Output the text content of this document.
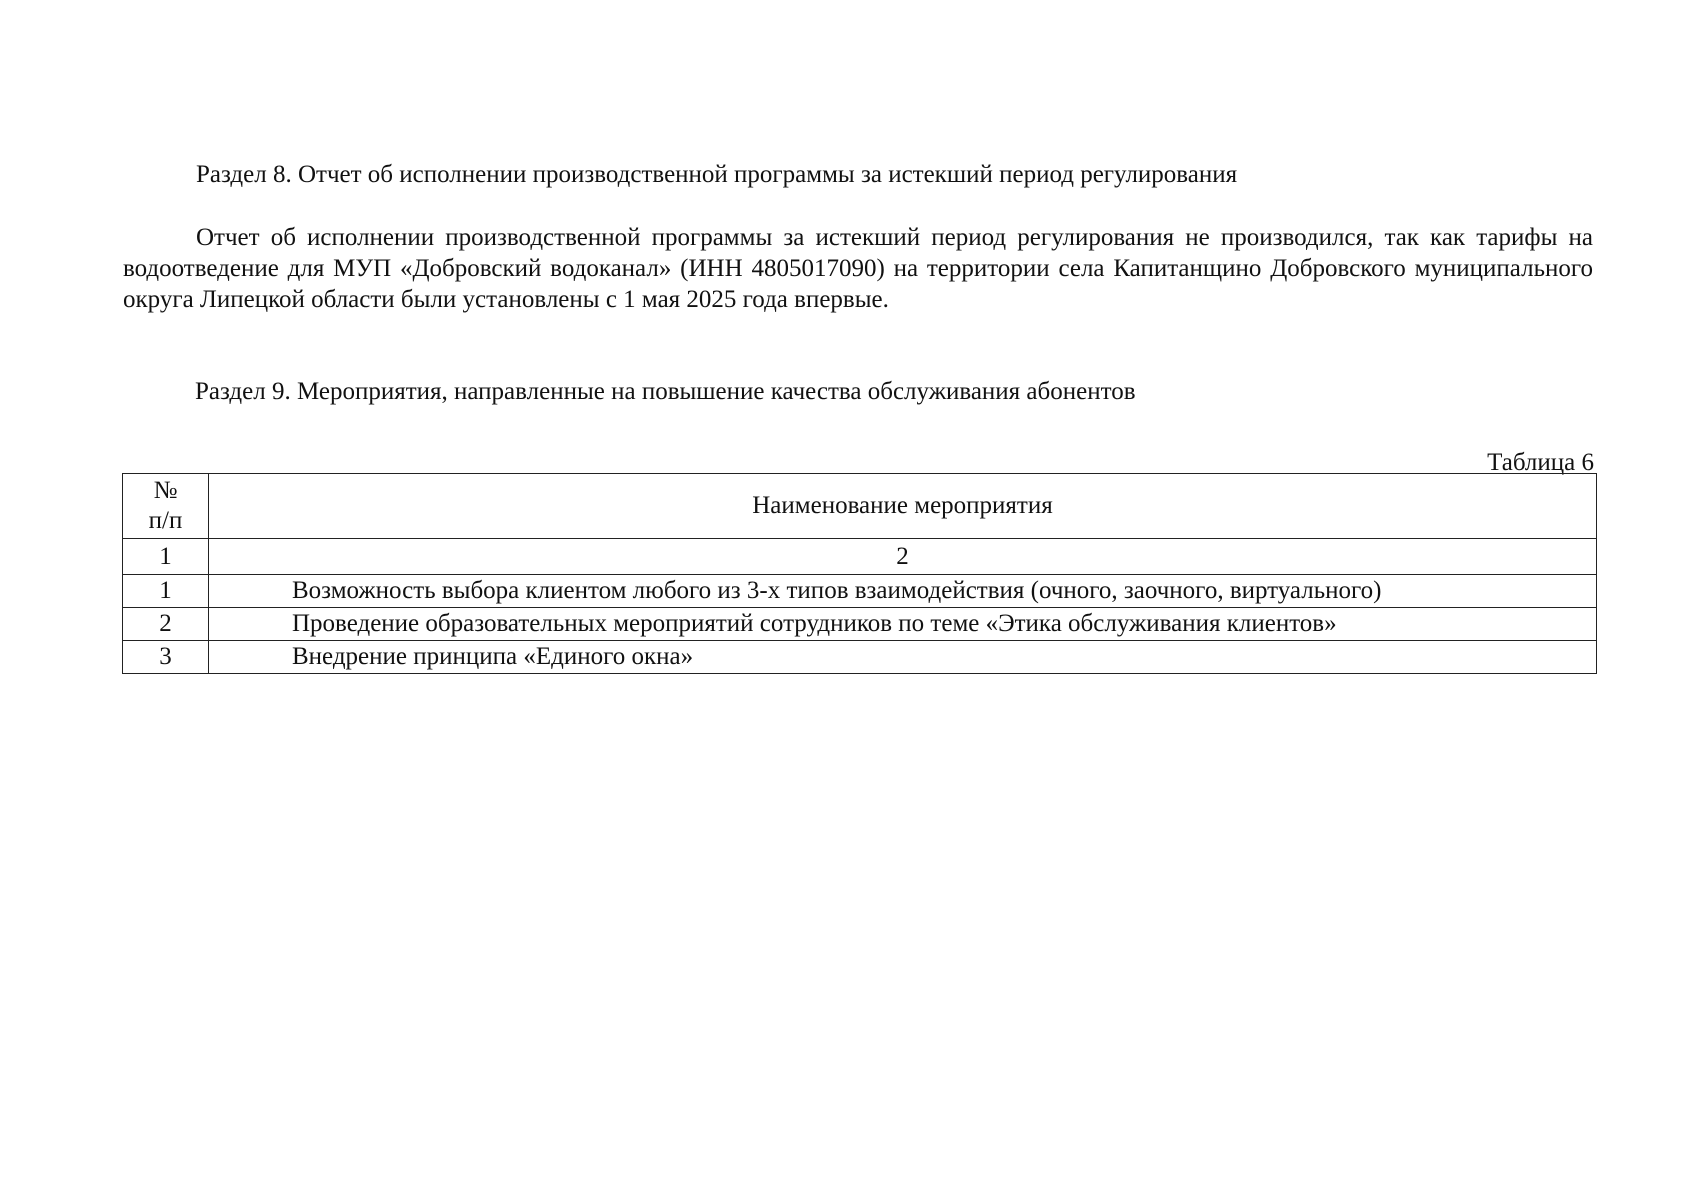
Раздел 8. Отчет об исполнении производственной программы за истекший период регулирования
Отчет об исполнении производственной программы за истекший период регулирования не производился, так как тарифы на водоотведение для МУП «Добровский водоканал» (ИНН 4805017090) на территории села Капитанщино Добровского муниципального округа Липецкой области были установлены с 1 мая 2025 года впервые.
Раздел 9. Мероприятия, направленные на повышение качества обслуживания абонентов
Таблица 6
№
п/п	Наименование мероприятия
1	2
1	Возможность выбора клиентом любого из 3-х типов взаимодействия (очного, заочного, виртуального)
2	Проведение образовательных мероприятий сотрудников по теме «Этика обслуживания клиентов»
3	Внедрение принципа «Единого окна»
